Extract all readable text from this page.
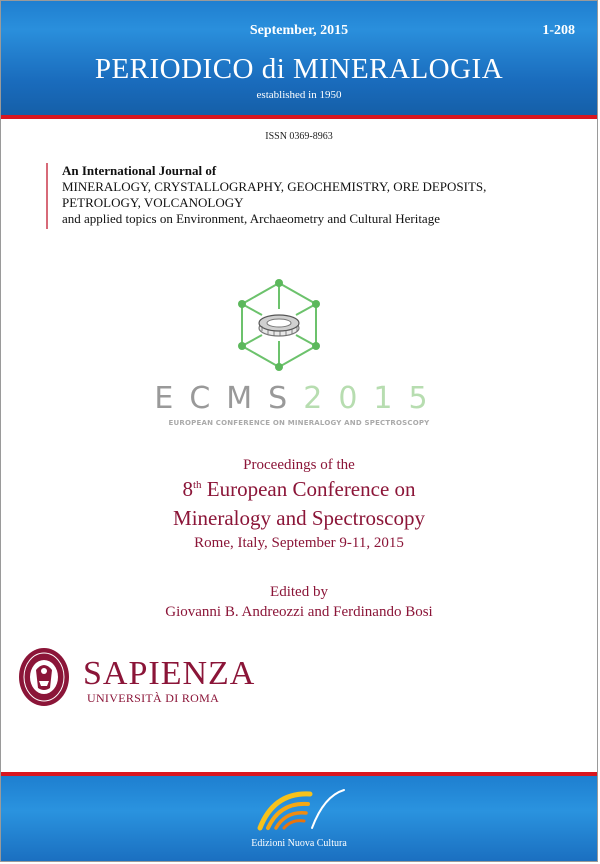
September, 2015	1-208
PERIODICO di MINERALOGIA
established in 1950
ISSN 0369-8963
An International Journal of
MINERALOGY, CRYSTALLOGRAPHY, GEOCHEMISTRY, ORE DEPOSITS,
PETROLOGY, VOLCANOLOGY
and applied topics on Environment, Archaeometry and Cultural Heritage
ECMS2015
EUROPEAN CONFERENCE ON MINERALOGY AND SPECTROSCOPY
Proceedings of the
8th European Conference on
Mineralogy and Spectroscopy
Rome, Italy, September 9-11, 2015
Edited by
Giovanni B. Andreozzi and Ferdinando Bosi
SAPIENZA
UNIVERSITÀ DI ROMA
Edizioni Nuova Cultura
